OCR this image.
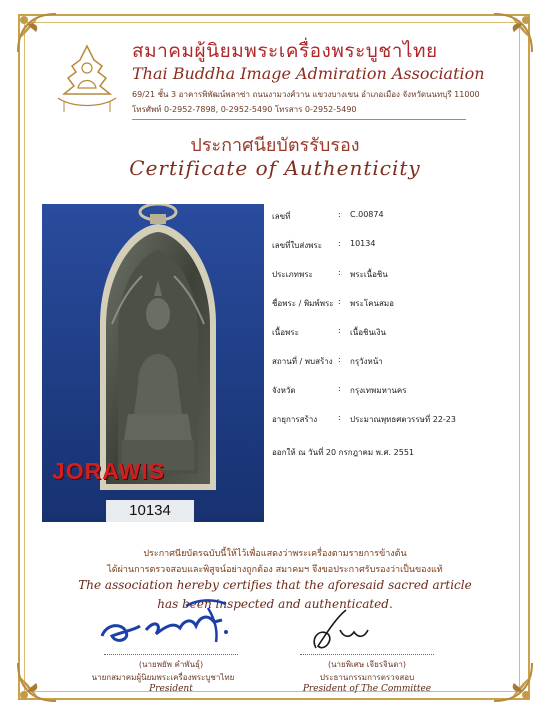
สมาคมผู้นิยมพระเครื่องพระบูชาไทย
Thai Buddha Image Admiration Association
69/21 ชั้น 3 อาคารพิพัฒน์พลาซ่า ถนนงามวงศ์วาน แขวงบางเขน อำเภอเมือง จังหวัดนนทบุรี 11000
โทรศัพท์ 0-2952-7898, 0-2952-5490 โทรสาร 0-2952-5490
ประกาศนียบัตรรับรอง
Certificate of Authenticity
JORAWIS
10134
เลขที่	: C.00874
เลขที่ใบส่งพระ : 10134
ประเภทพระ	: พระเนื้อชิน
ชื่อพระ / พิมพ์พระ : พระโคนสมอ
เนื้อพระ	: เนื้อชินเงิน
สถานที่ / พบสร้าง : กรุวังหน้า
จังหวัด	: กรุงเทพมหานคร
อายุการสร้าง	: ประมาณพุทธศตวรรษที่ 22-23
ออกให้ ณ วันที่ 20 กรกฎาคม พ.ศ. 2551
ประกาศนียบัตรฉบับนี้ให้ไว้เพื่อแสดงว่าพระเครื่องตามรายการข้างต้น
ได้ผ่านการตรวจสอบและพิสูจน์อย่างถูกต้อง สมาคมฯ จึงขอประกาศรับรองว่าเป็นของแท้
The association hereby certifies that the aforesaid sacred article
has been inspected and authenticated.
(นายพยัพ คำพันธุ์)
นายกสมาคมผู้นิยมพระเครื่องพระบูชาไทย
President
(นายพิเศษ เจียรจินดา)
ประธานกรรมการตรวจสอบ
President of The Committee
